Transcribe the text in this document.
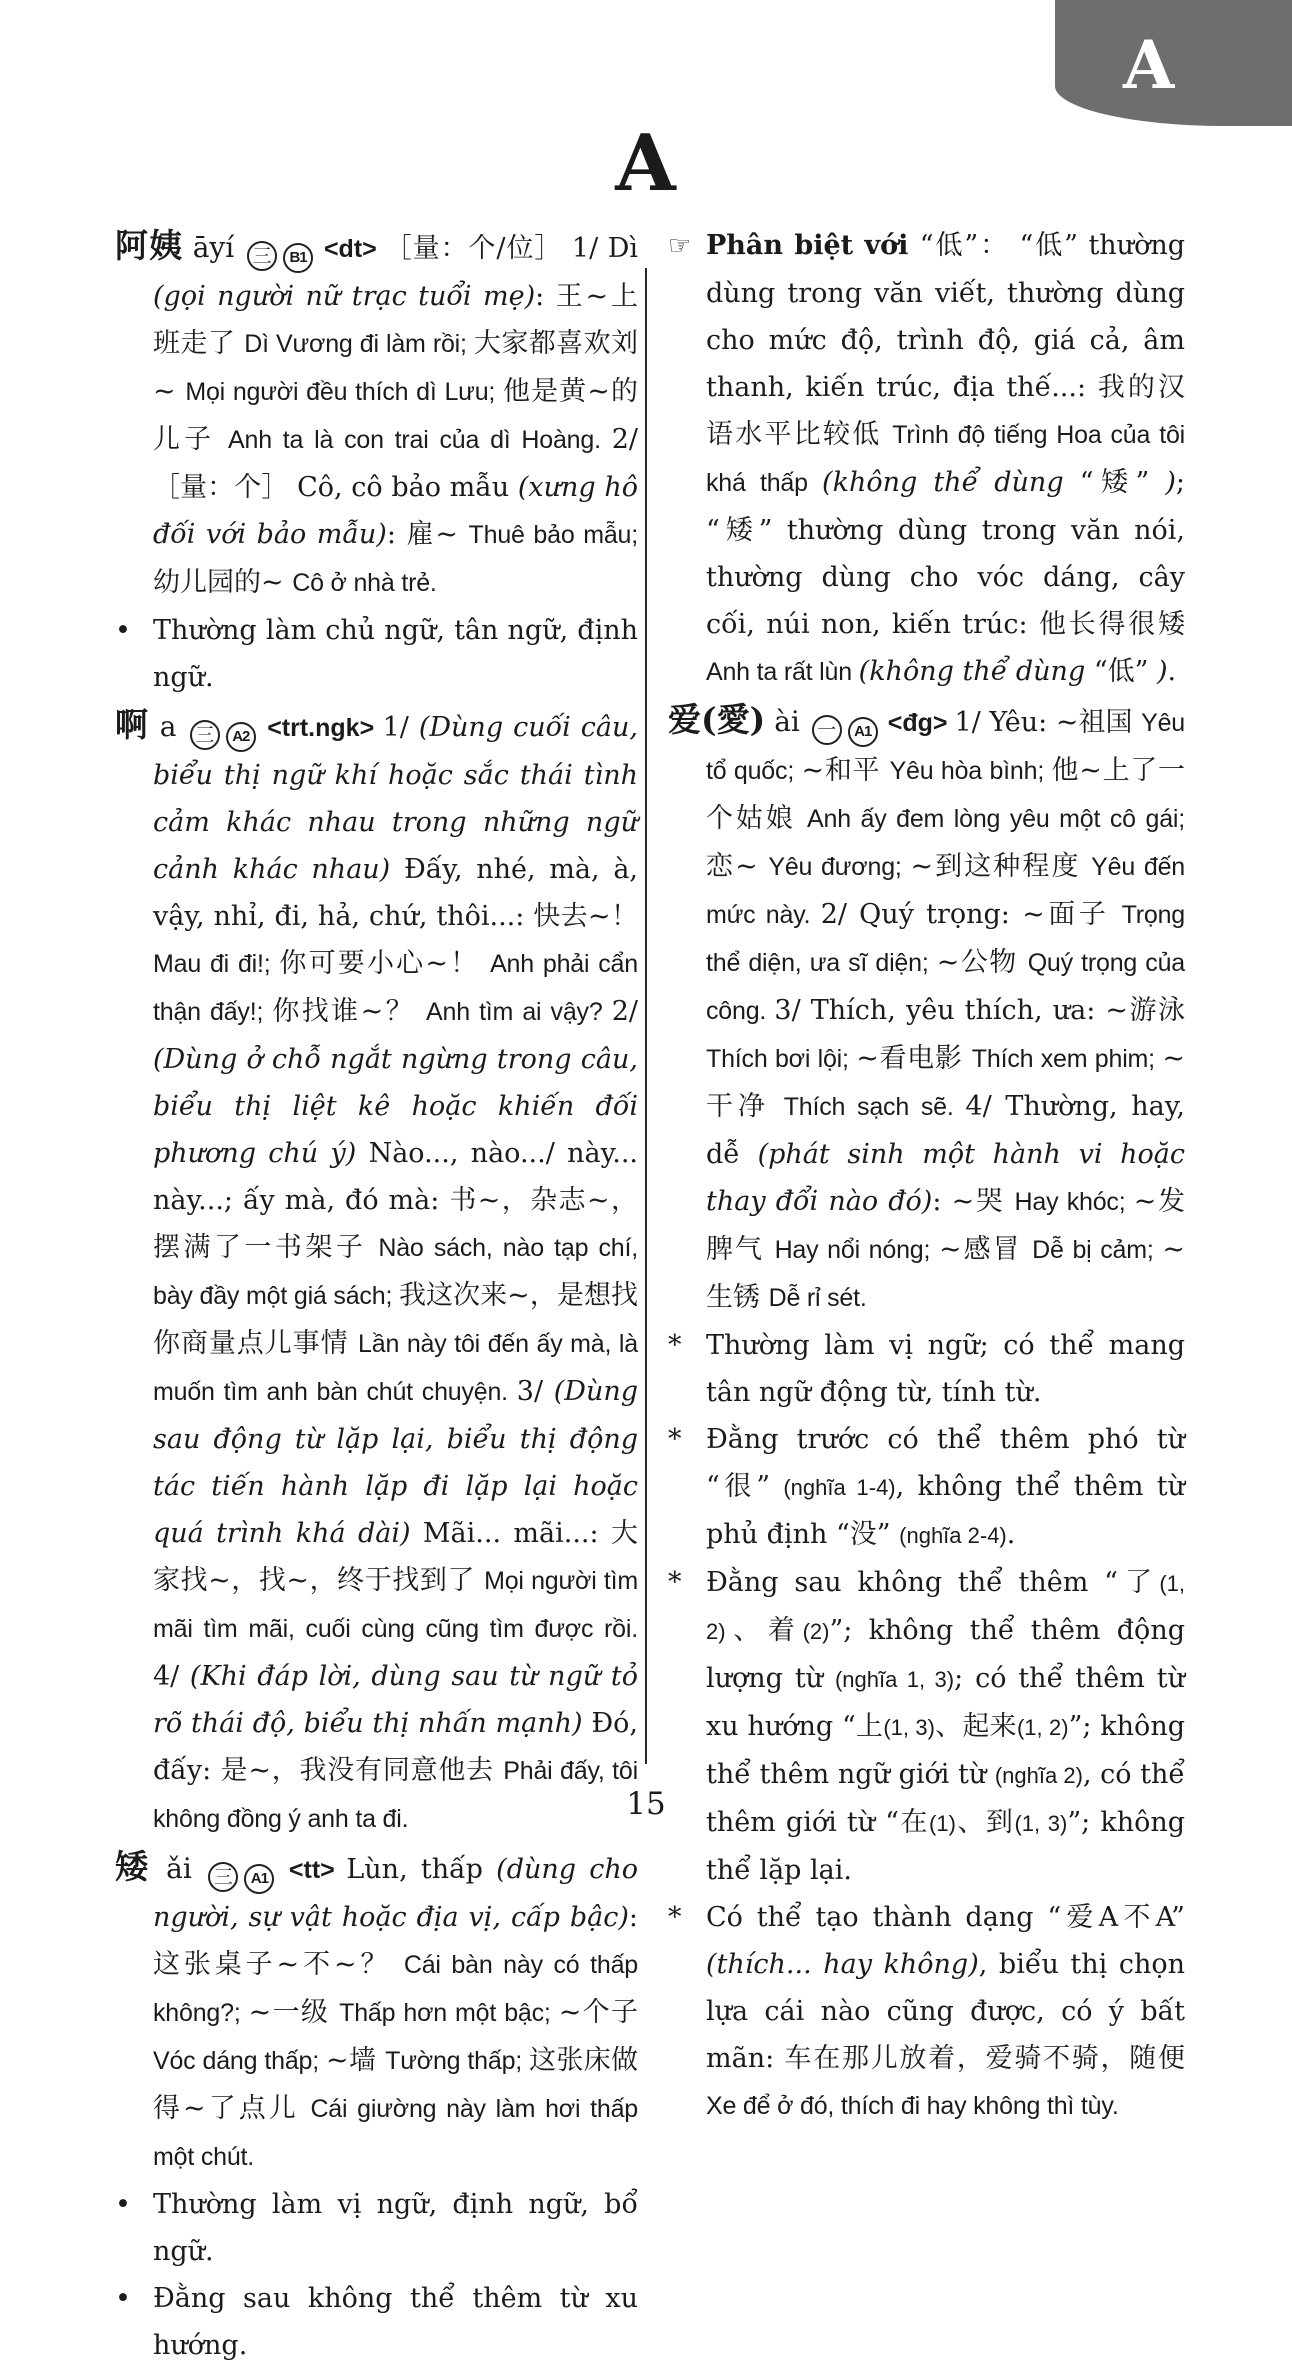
A
A
阿姨 āyí 三 B1 <dt> ［量：个/位］ 1/ Dì (gọi người nữ trạc tuổi mẹ): 王~上班走了 Dì Vương đi làm rồi; 大家都喜欢刘~ Mọi người đều thích dì Lưu; 他是黄~的儿子 Anh ta là con trai của dì Hoàng. 2/ ［量：个］ Cô, cô bảo mẫu (xưng hô đối với bảo mẫu): 雇~ Thuê bảo mẫu; 幼儿园的~ Cô ở nhà trẻ.
• Thường làm chủ ngữ, tân ngữ, định ngữ.
啊 a 三 A2 <trt.ngk> 1/ (Dùng cuối câu, biểu thị ngữ khí hoặc sắc thái tình cảm khác nhau trong những ngữ cảnh khác nhau) Đấy, nhé, mà, à, vậy, nhỉ, đi, hả, chứ, thôi...: 快去~！ Mau đi đi!; 你可要小心~！ Anh phải cẩn thận đấy!; 你找谁~？ Anh tìm ai vậy? 2/ (Dùng ở chỗ ngắt ngừng trong câu, biểu thị liệt kê hoặc khiến đối phương chú ý) Nào..., nào.../ này... này...; ấy mà, đó mà: 书~，杂志~，摆满了一书架子 Nào sách, nào tạp chí, bày đầy một giá sách; 我这次来~，是想找你商量点儿事情 Lần này tôi đến ấy mà, là muốn tìm anh bàn chút chuyện. 3/ (Dùng sau động từ lặp lại, biểu thị động tác tiến hành lặp đi lặp lại hoặc quá trình khá dài) Mãi... mãi...: 大家找~，找~，终于找到了 Mọi người tìm mãi tìm mãi, cuối cùng cũng tìm được rồi. 4/ (Khi đáp lời, dùng sau từ ngữ tỏ rõ thái độ, biểu thị nhấn mạnh) Đó, đấy: 是~，我没有同意他去 Phải đấy, tôi không đồng ý anh ta đi.
矮 ǎi 三 A1 <tt> Lùn, thấp (dùng cho người, sự vật hoặc địa vị, cấp bậc): 这张桌子~不~？ Cái bàn này có thấp không?; ~一级 Thấp hơn một bậc; ~个子 Vóc dáng thấp; ~墙 Tường thấp; 这张床做得~了点儿 Cái giường này làm hơi thấp một chút.
• Thường làm vị ngữ, định ngữ, bổ ngữ.
• Đằng sau không thể thêm từ xu hướng.
☞ Phân biệt với “低”： “低” thường dùng trong văn viết, thường dùng cho mức độ, trình độ, giá cả, âm thanh, kiến trúc, địa thế...: 我的汉语水平比较低 Trình độ tiếng Hoa của tôi khá thấp (không thể dùng “矮” ); “矮” thường dùng trong văn nói, thường dùng cho vóc dáng, cây cối, núi non, kiến trúc: 他长得很矮 Anh ta rất lùn (không thể dùng “低” ).
爱(愛) ài 一 A1 <đg> 1/ Yêu: ~祖国 Yêu tổ quốc; ~和平 Yêu hòa bình; 他~上了一个姑娘 Anh ấy đem lòng yêu một cô gái; 恋~ Yêu đương; ~到这种程度 Yêu đến mức này. 2/ Quý trọng: ~面子 Trọng thể diện, ưa sĩ diện; ~公物 Quý trọng của công. 3/ Thích, yêu thích, ưa: ~游泳 Thích bơi lội; ~看电影 Thích xem phim; ~干净 Thích sạch sẽ. 4/ Thường, hay, dễ (phát sinh một hành vi hoặc thay đổi nào đó): ~哭 Hay khóc; ~发脾气 Hay nổi nóng; ~感冒 Dễ bị cảm; ~生锈 Dễ rỉ sét.
* Thường làm vị ngữ; có thể mang tân ngữ động từ, tính từ.
* Đằng trước có thể thêm phó từ “很” (nghĩa 1-4), không thể thêm từ phủ định “没” (nghĩa 2-4).
* Đằng sau không thể thêm “了(1, 2)、着(2)”; không thể thêm động lượng từ (nghĩa 1, 3); có thể thêm từ xu hướng “上(1, 3)、起来(1, 2)”; không thể thêm ngữ giới từ (nghĩa 2), có thể thêm giới từ “在(1)、到(1, 3)”; không thể lặp lại.
* Có thể tạo thành dạng “爱A不A” (thích... hay không), biểu thị chọn lựa cái nào cũng được, có ý bất mãn: 车在那儿放着，爱骑不骑，随便 Xe để ở đó, thích đi hay không thì tùy.
15
